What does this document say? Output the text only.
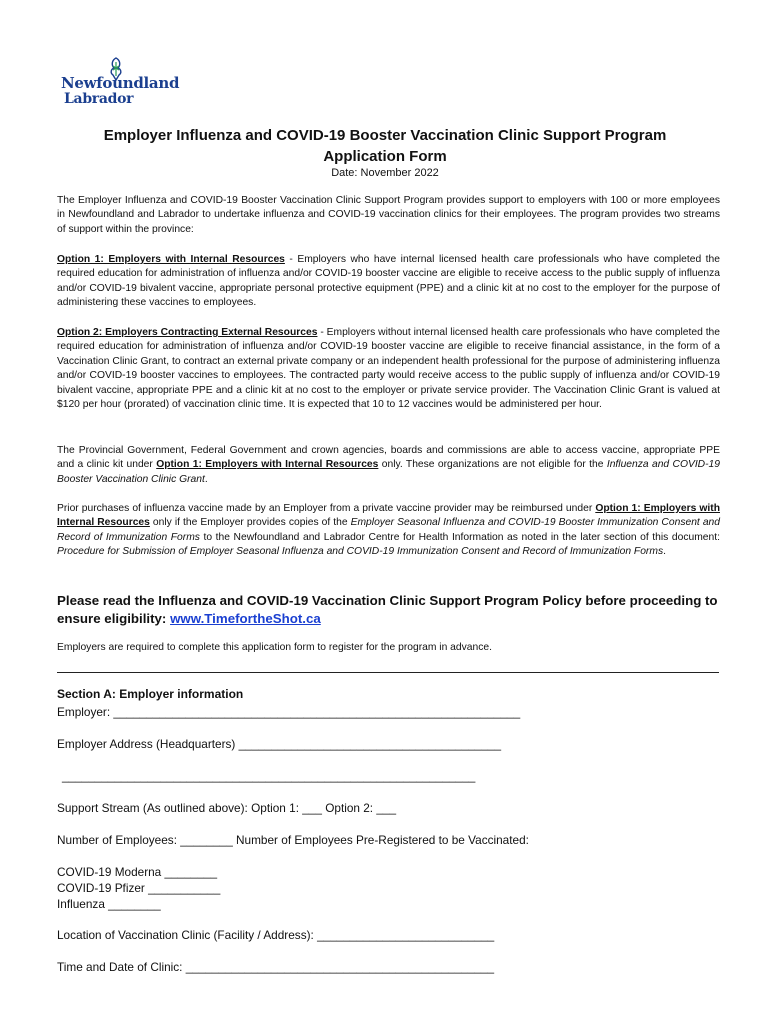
Newfoundland
Labrador
Employer Influenza and COVID-19 Booster Vaccination Clinic Support Program
Application Form
Date: November 2022

The Employer Influenza and COVID-19 Booster Vaccination Clinic Support Program provides support to employers with 100 or more employees in Newfoundland and Labrador to undertake influenza and COVID-19 vaccination clinics for their employees. The program provides two streams of support within the province:

Option 1: Employers with Internal Resources - Employers who have internal licensed health care professionals who have completed the required education for administration of influenza and/or COVID-19 booster vaccine are eligible to receive access to the public supply of influenza and/or COVID-19 bivalent vaccine, appropriate personal protective equipment (PPE) and a clinic kit at no cost to the employer for the purpose of administering these vaccines to employees.

Option 2: Employers Contracting External Resources - Employers without internal licensed health care professionals who have completed the required education for administration of influenza and/or COVID-19 booster vaccine are eligible to receive financial assistance, in the form of a Vaccination Clinic Grant, to contract an external private company or an independent health professional for the purpose of administering influenza and/or COVID-19 booster vaccines to employees. The contracted party would receive access to the public supply of influenza and/or COVID-19 bivalent vaccine, appropriate PPE and a clinic kit at no cost to the employer or private service provider. The Vaccination Clinic Grant is valued at $120 per hour (prorated) of vaccination clinic time. It is expected that 10 to 12 vaccines would be administered per hour.

The Provincial Government, Federal Government and crown agencies, boards and commissions are able to access vaccine, appropriate PPE and a clinic kit under Option 1: Employers with Internal Resources only. These organizations are not eligible for the Influenza and COVID-19 Booster Vaccination Clinic Grant.

Prior purchases of influenza vaccine made by an Employer from a private vaccine provider may be reimbursed under Option 1: Employers with Internal Resources only if the Employer provides copies of the Employer Seasonal Influenza and COVID-19 Booster Immunization Consent and Record of Immunization Forms to the Newfoundland and Labrador Centre for Health Information as noted in the later section of this document: Procedure for Submission of Employer Seasonal Influenza and COVID-19 Immunization Consent and Record of Immunization Forms.

Please read the Influenza and COVID-19 Vaccination Clinic Support Program Policy before proceeding to ensure eligibility: www.TimefortheShot.ca

Employers are required to complete this application form to register for the program in advance.

Section A: Employer information
Employer: ______________________________________________________________
Employer Address (Headquarters) ________________________________________
_______________________________________________________________
Support Stream (As outlined above): Option 1: ___ Option 2: ___
Number of Employees: ________ Number of Employees Pre-Registered to be Vaccinated:
COVID-19 Moderna ________
COVID-19 Pfizer ___________
Influenza ________
Location of Vaccination Clinic (Facility / Address): ___________________________
Time and Date of Clinic: _______________________________________________
